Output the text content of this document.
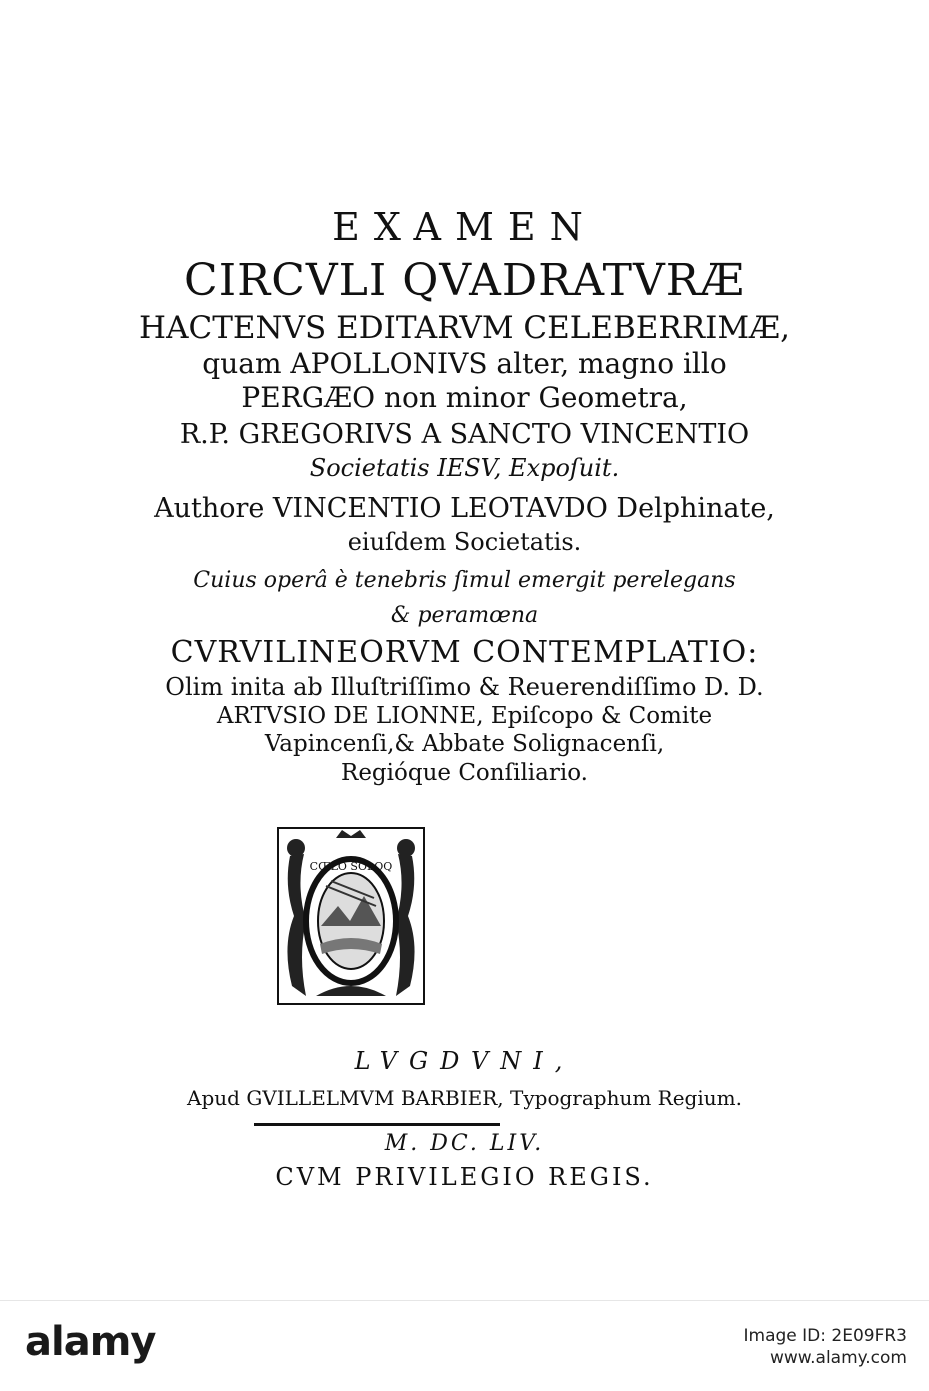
EXAMEN
CIRCVLI QVADRATVRÆ
HACTENVS EDITARVM CELEBERRIMÆ,
quam APOLLONIVS alter, magno illo
PERGÆO non minor Geometra,
R.P. GREGORIVS A SANCTO VINCENTIO
Societatis IESV, Expoſuit.
Authore VINCENTIO LEOTAVDO Delphinate,
eiuſdem Societatis.
Cuius operâ è tenebris ſimul emergit perelegans
& peramœna
CVRVILINEORVM CONTEMPLATIO:
Olim inita ab Illuſtriſſimo & Reuerendiſſimo D. D.
ARTVSIO DE LIONNE, Epiſcopo & Comite
Vapincenſi,& Abbate Solignacenſi,
Regióque Conſiliario.
CŒLO SOLOQ
LVGDVNI,
Apud GVILLELMVM BARBIER, Typographum Regium.
M. DC. LIV.
CVM PRIVILEGIO REGIS.
alamy	Image ID: 2E09FR3
www.alamy.com
